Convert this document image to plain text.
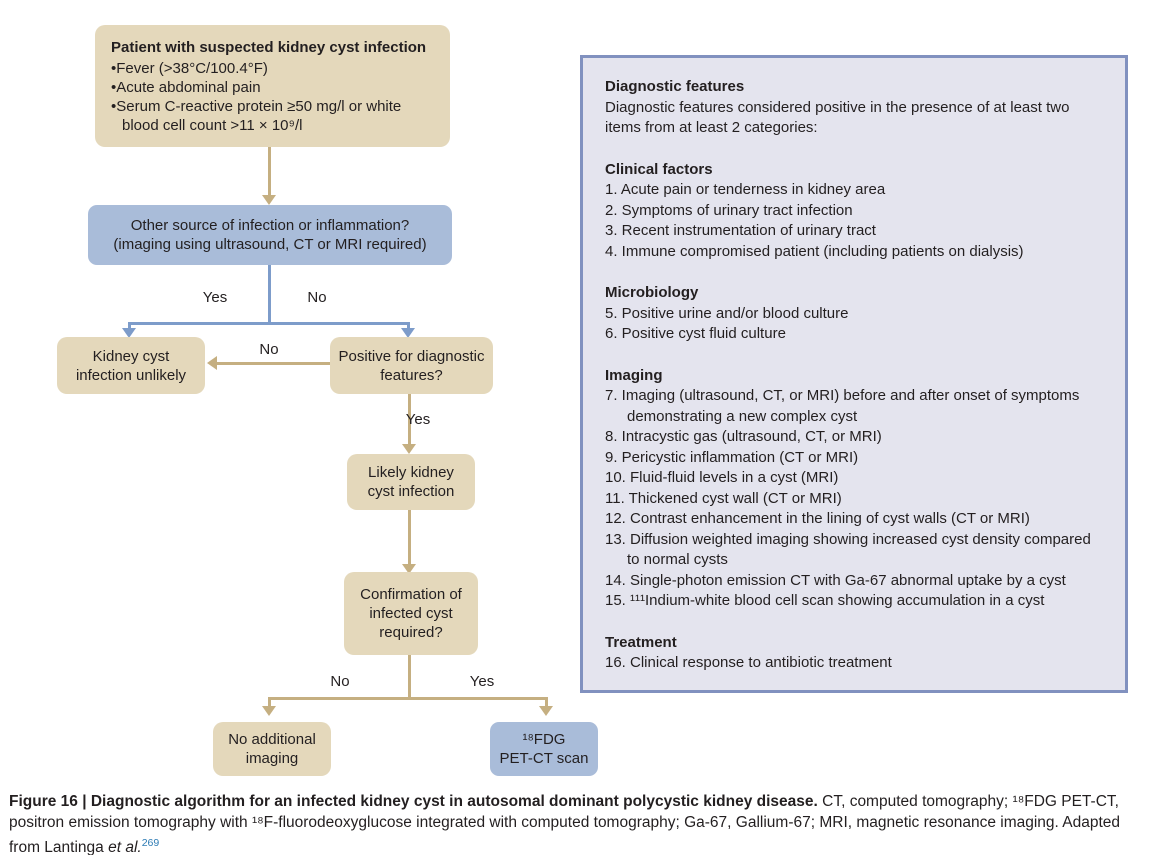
Yes	No
No
Yes
No	Yes
Patient with suspected kidney cyst infection
• Fever (>38°C/100.4°F)
• Acute abdominal pain
• Serum C-reactive protein ≥50 mg/l or white blood cell count >11 × 10⁹/l
Other source of infection or inflammation?
(imaging using ultrasound, CT or MRI required)
Kidney cyst infection unlikely
Positive for diagnostic features?
Likely kidney cyst infection
Confirmation of infected cyst required?
No additional imaging
¹⁸FDG
PET-CT scan
Diagnostic features
Diagnostic features considered positive in the presence of at least two items from at least 2 categories:
Clinical factors
1. Acute pain or tenderness in kidney area
2. Symptoms of urinary tract infection
3. Recent instrumentation of urinary tract
4. Immune compromised patient (including patients on dialysis)
Microbiology
5. Positive urine and/or blood culture
6. Positive cyst fluid culture
Imaging
7. Imaging (ultrasound, CT, or MRI) before and after onset of symptoms demonstrating a new complex cyst
8. Intracystic gas (ultrasound, CT, or MRI)
9. Pericystic inflammation (CT or MRI)
10. Fluid-fluid levels in a cyst (MRI)
11. Thickened cyst wall (CT or MRI)
12. Contrast enhancement in the lining of cyst walls (CT or MRI)
13. Diffusion weighted imaging showing increased cyst density compared to normal cysts
14. Single-photon emission CT with Ga-67 abnormal uptake by a cyst
15. ¹¹¹Indium-white blood cell scan showing accumulation in a cyst
Treatment
16. Clinical response to antibiotic treatment
Figure 16 | Diagnostic algorithm for an infected kidney cyst in autosomal dominant polycystic kidney disease. CT, computed tomography; ¹⁸FDG PET-CT, positron emission tomography with ¹⁸F-fluorodeoxyglucose integrated with computed tomography; Ga-67, Gallium-67; MRI, magnetic resonance imaging. Adapted from Lantinga et al.$^{269}$
